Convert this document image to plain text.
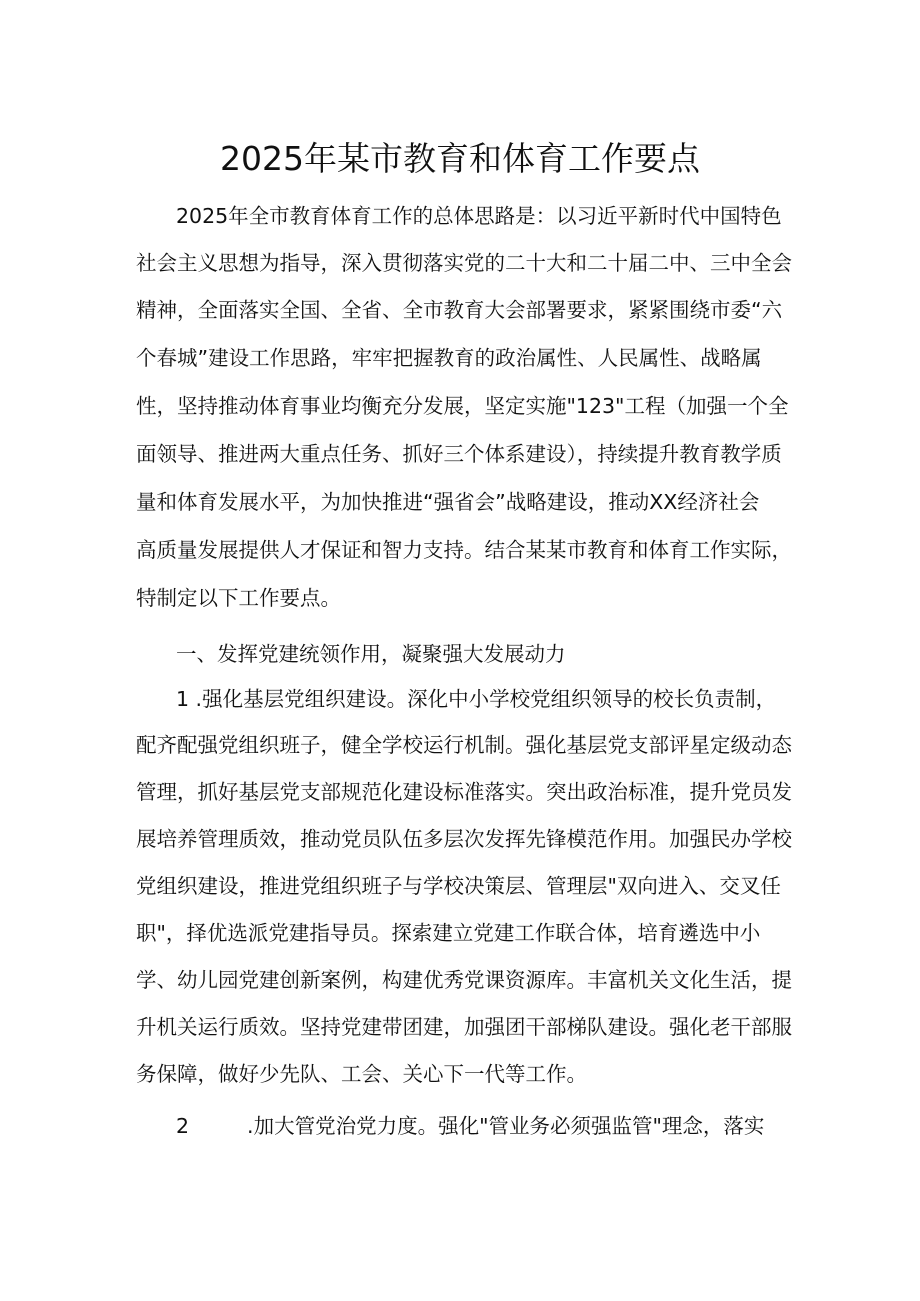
2025年某市教育和体育工作要点
2025年全市教育体育工作的总体思路是：以习近平新时代中国特色
社会主义思想为指导，深入贯彻落实党的二十大和二十届二中、三中全会
精神，全面落实全国、全省、全市教育大会部署要求，紧紧围绕市委“六
个春城”建设工作思路，牢牢把握教育的政治属性、人民属性、战略属
性，坚持推动体育事业均衡充分发展，坚定实施"123"工程（加强一个全
面领导、推进两大重点任务、抓好三个体系建设），持续提升教育教学质
量和体育发展水平，为加快推进“强省会”战略建设，推动XX经济社会
高质量发展提供人才保证和智力支持。结合某某市教育和体育工作实际，
特制定以下工作要点。
一、发挥党建统领作用，凝聚强大发展动力
1 .强化基层党组织建设。深化中小学校党组织领导的校长负责制，
配齐配强党组织班子，健全学校运行机制。强化基层党支部评星定级动态
管理，抓好基层党支部规范化建设标准落实。突出政治标准，提升党员发
展培养管理质效，推动党员队伍多层次发挥先锋模范作用。加强民办学校
党组织建设，推进党组织班子与学校决策层、管理层"双向进入、交叉任
职"，择优选派党建指导员。探索建立党建工作联合体，培育遴选中小
学、幼儿园党建创新案例，构建优秀党课资源库。丰富机关文化生活，提
升机关运行质效。坚持党建带团建，加强团干部梯队建设。强化老干部服
务保障，做好少先队、工会、关心下一代等工作。
2	.加大管党治党力度。强化"管业务必须强监管"理念，落实
